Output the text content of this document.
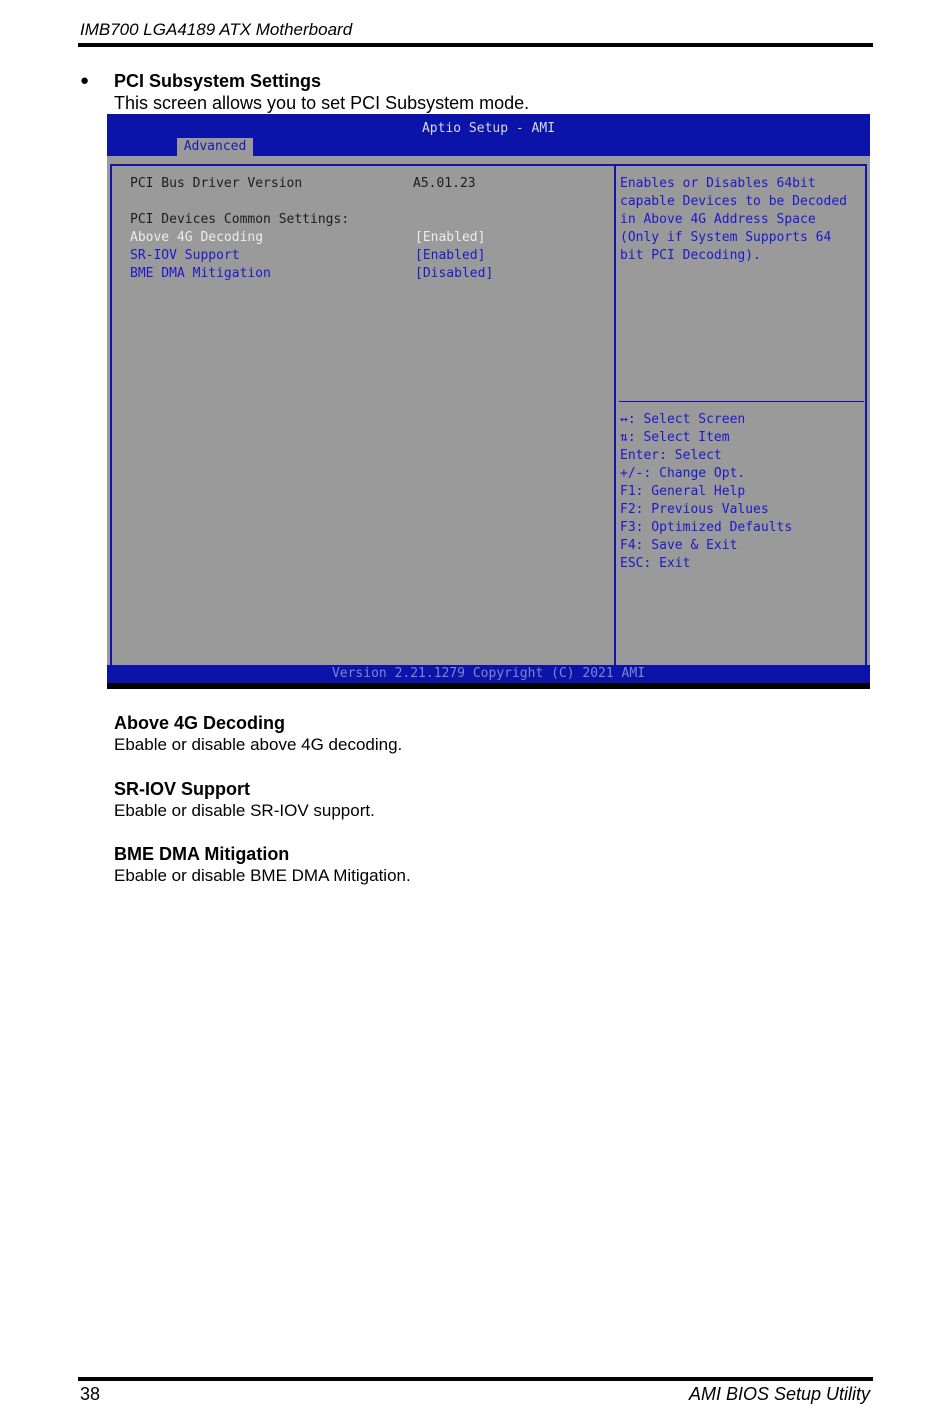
IMB700 LGA4189 ATX Motherboard
● PCI Subsystem Settings
This screen allows you to set PCI Subsystem mode.
Aptio Setup - AMI
Advanced
PCI Bus Driver Version	A5.01.23
PCI Devices Common Settings:
Above 4G Decoding	[Enabled]
SR-IOV Support	[Enabled]
BME DMA Mitigation	[Disabled]
Enables or Disables 64bit
capable Devices to be Decoded
in Above 4G Address Space
(Only if System Supports 64
bit PCI Decoding).
↔: Select Screen
⇅: Select Item
Enter: Select
+/-: Change Opt.
F1: General Help
F2: Previous Values
F3: Optimized Defaults
F4: Save & Exit
ESC: Exit
Version 2.21.1279 Copyright (C) 2021 AMI
Above 4G Decoding
Ebable or disable above 4G decoding.
SR-IOV Support
Ebable or disable SR-IOV support.
BME DMA Mitigation
Ebable or disable BME DMA Mitigation.
38	AMI BIOS Setup Utility
